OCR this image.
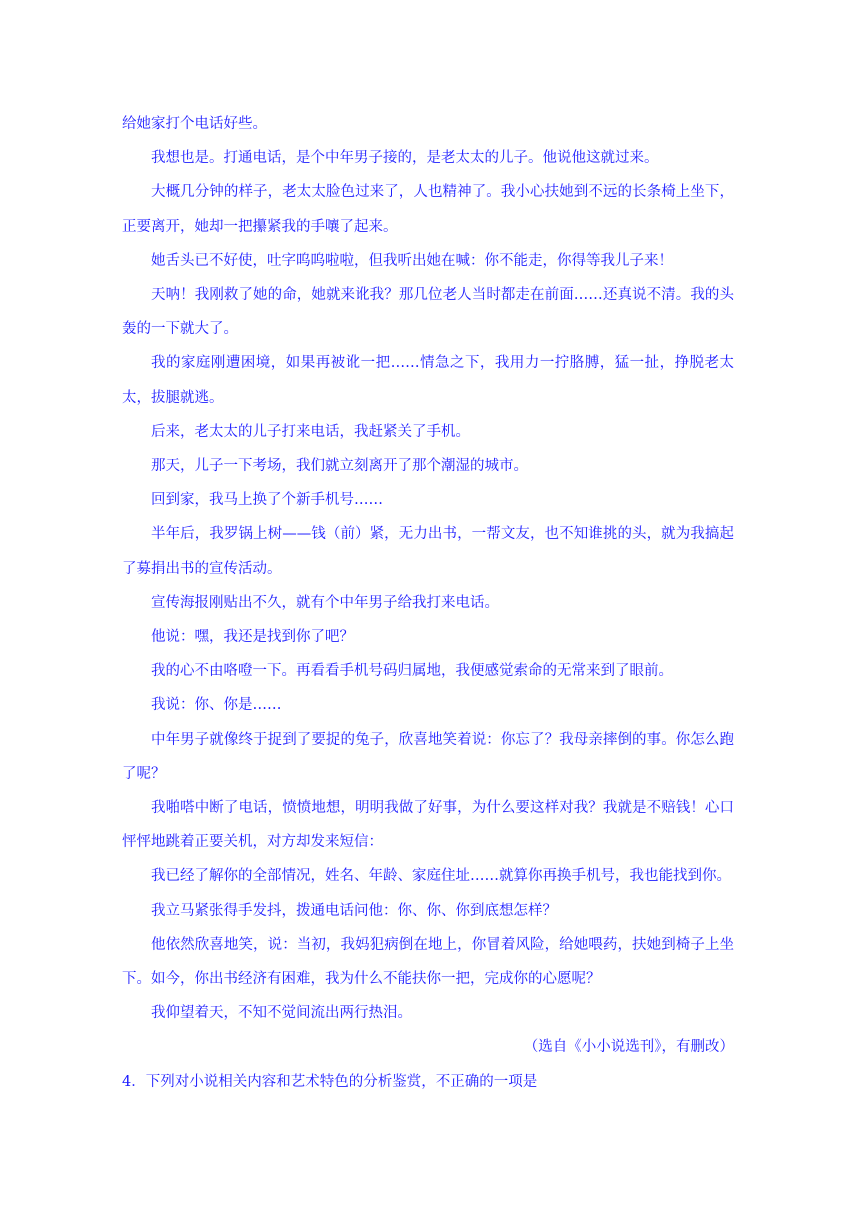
给她家打个电话好些。

我想也是。打通电话，是个中年男子接的，是老太太的儿子。他说他这就过来。

大概几分钟的样子，老太太脸色过来了，人也精神了。我小心扶她到不远的长条椅上坐下，正要离开，她却一把攥紧我的手嚷了起来。

她舌头已不好使，吐字呜呜啦啦，但我听出她在喊：你不能走，你得等我儿子来！

天呐！我刚救了她的命，她就来讹我？那几位老人当时都走在前面……还真说不清。我的头轰的一下就大了。

我的家庭刚遭困境，如果再被讹一把……情急之下，我用力一拧胳膊，猛一扯，挣脱老太太，拔腿就逃。

后来，老太太的儿子打来电话，我赶紧关了手机。

那天，儿子一下考场，我们就立刻离开了那个潮湿的城市。

回到家，我马上换了个新手机号……

半年后，我罗锅上树——钱（前）紧，无力出书，一帮文友，也不知谁挑的头，就为我搞起了募捐出书的宣传活动。

宣传海报刚贴出不久，就有个中年男子给我打来电话。

他说：嘿，我还是找到你了吧？

我的心不由咯噔一下。再看看手机号码归属地，我便感觉索命的无常来到了眼前。

我说：你、你是……

中年男子就像终于捉到了要捉的兔子，欣喜地笑着说：你忘了？我母亲摔倒的事。你怎么跑了呢？

我啪嗒中断了电话，愤愤地想，明明我做了好事，为什么要这样对我？我就是不赔钱！心口怦怦地跳着正要关机，对方却发来短信：

我已经了解你的全部情况，姓名、年龄、家庭住址……就算你再换手机号，我也能找到你。

我立马紧张得手发抖，拨通电话问他：你、你、你到底想怎样？

他依然欣喜地笑，说：当初，我妈犯病倒在地上，你冒着风险，给她喂药，扶她到椅子上坐下。如今，你出书经济有困难，我为什么不能扶你一把，完成你的心愿呢？

我仰望着天，不知不觉间流出两行热泪。

（选自《小小说选刊》，有删改）

4．下列对小说相关内容和艺术特色的分析鉴赏，不正确的一项是
